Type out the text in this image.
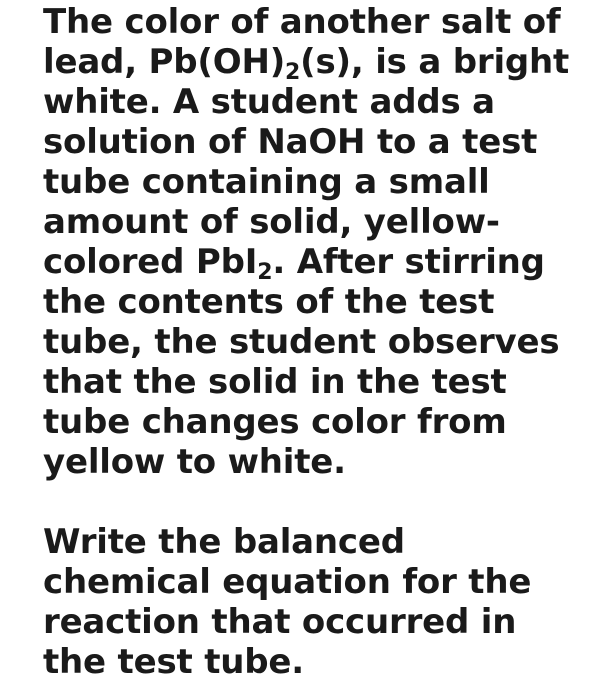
The color of another salt of
lead, $Pb(OH)_2(s)$, is a bright
white. A student adds a
solution of NaOH to a test
tube containing a small
amount of solid, yellow-
colored PbI$_2$. After stirring
the contents of the test
tube, the student observes
that the solid in the test
tube changes color from
yellow to white.

Write the balanced
chemical equation for the
reaction that occurred in
the test tube.
